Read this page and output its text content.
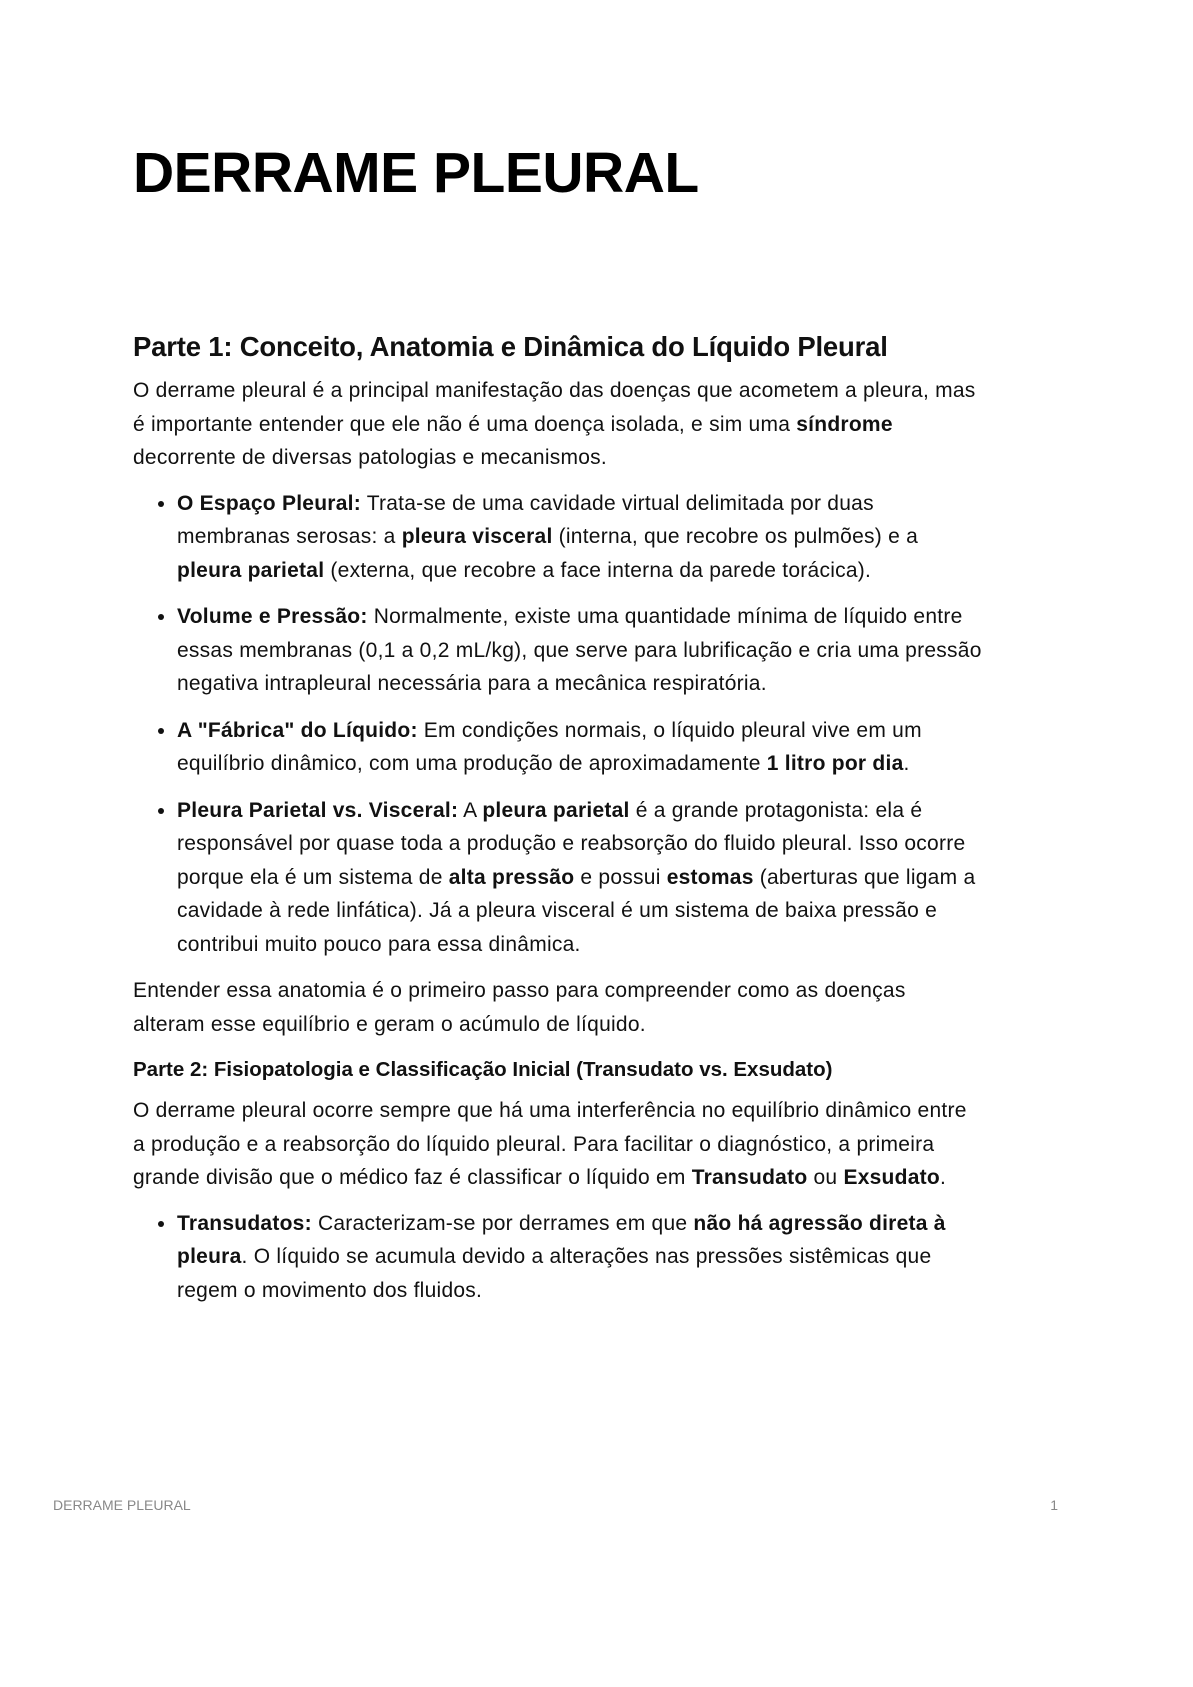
DERRAME PLEURAL
Parte 1: Conceito, Anatomia e Dinâmica do Líquido Pleural

O derrame pleural é a principal manifestação das doenças que acometem a pleura, mas é importante entender que ele não é uma doença isolada, e sim uma síndrome decorrente de diversas patologias e mecanismos.

• O Espaço Pleural: Trata-se de uma cavidade virtual delimitada por duas membranas serosas: a pleura visceral (interna, que recobre os pulmões) e a pleura parietal (externa, que recobre a face interna da parede torácica).
• Volume e Pressão: Normalmente, existe uma quantidade mínima de líquido entre essas membranas (0,1 a 0,2 mL/kg), que serve para lubrificação e cria uma pressão negativa intrapleural necessária para a mecânica respiratória.
• A "Fábrica" do Líquido: Em condições normais, o líquido pleural vive em um equilíbrio dinâmico, com uma produção de aproximadamente 1 litro por dia.
• Pleura Parietal vs. Visceral: A pleura parietal é a grande protagonista: ela é responsável por quase toda a produção e reabsorção do fluido pleural. Isso ocorre porque ela é um sistema de alta pressão e possui estomas (aberturas que ligam a cavidade à rede linfática). Já a pleura visceral é um sistema de baixa pressão e contribui muito pouco para essa dinâmica.

Entender essa anatomia é o primeiro passo para compreender como as doenças alteram esse equilíbrio e geram o acúmulo de líquido.

Parte 2: Fisiopatologia e Classificação Inicial (Transudato vs. Exsudato)

O derrame pleural ocorre sempre que há uma interferência no equilíbrio dinâmico entre a produção e a reabsorção do líquido pleural. Para facilitar o diagnóstico, a primeira grande divisão que o médico faz é classificar o líquido em Transudato ou Exsudato.

• Transudatos: Caracterizam-se por derrames em que não há agressão direta à pleura. O líquido se acumula devido a alterações nas pressões sistêmicas que regem o movimento dos fluidos.
DERRAME PLEURAL	1
